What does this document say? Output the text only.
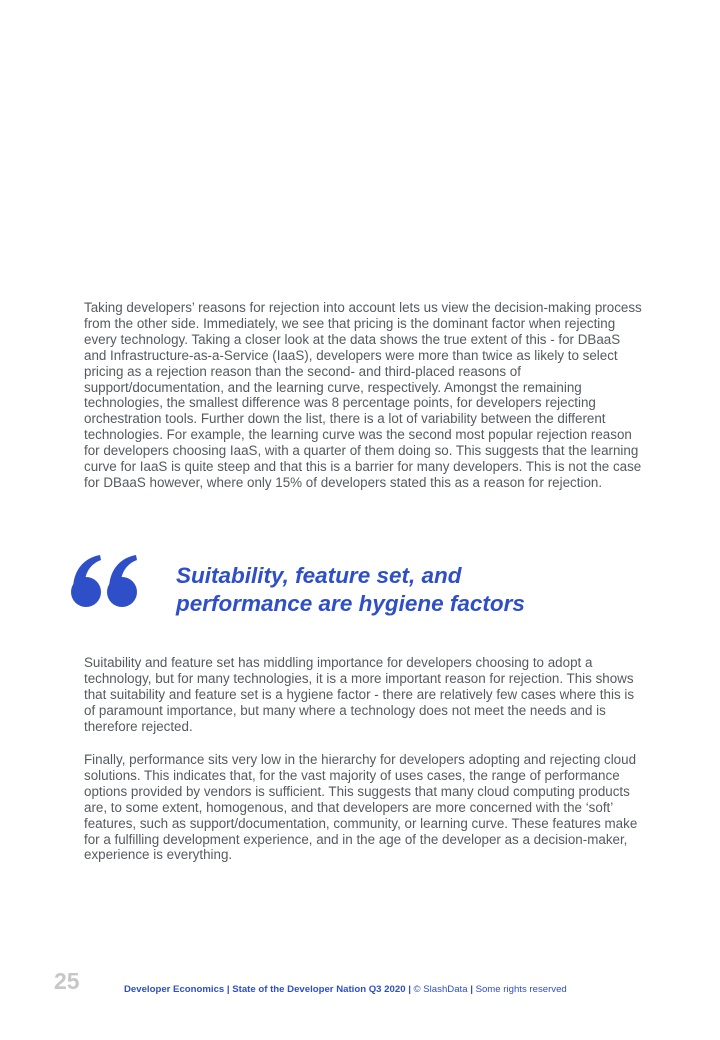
Taking developers’ reasons for rejection into account lets us view the decision-making process from the other side. Immediately, we see that pricing is the dominant factor when rejecting every technology. Taking a closer look at the data shows the true extent of this - for DBaaS and Infrastructure-as-a-Service (IaaS), developers were more than twice as likely to select pricing as a rejection reason than the second- and third-placed reasons of support/documentation, and the learning curve, respectively. Amongst the remaining technologies, the smallest difference was 8 percentage points, for developers rejecting orchestration tools. Further down the list, there is a lot of variability between the different technologies. For example, the learning curve was the second most popular rejection reason for developers choosing IaaS, with a quarter of them doing so. This suggests that the learning curve for IaaS is quite steep and that this is a barrier for many developers. This is not the case for DBaaS however, where only 15% of developers stated this as a reason for rejection.

Suitability, feature set, and
performance are hygiene factors

Suitability and feature set has middling importance for developers choosing to adopt a technology, but for many technologies, it is a more important reason for rejection. This shows that suitability and feature set is a hygiene factor - there are relatively few cases where this is of paramount importance, but many where a technology does not meet the needs and is therefore rejected.

Finally, performance sits very low in the hierarchy for developers adopting and rejecting cloud solutions. This indicates that, for the vast majority of uses cases, the range of performance options provided by vendors is sufficient. This suggests that many cloud computing products are, to some extent, homogenous, and that developers are more concerned with the ‘soft’ features, such as support/documentation, community, or learning curve. These features make for a fulfilling development experience, and in the age of the developer as a decision-maker, experience is everything.

25	Developer Economics | State of the Developer Nation Q3 2020 | © SlashData | Some rights reserved
